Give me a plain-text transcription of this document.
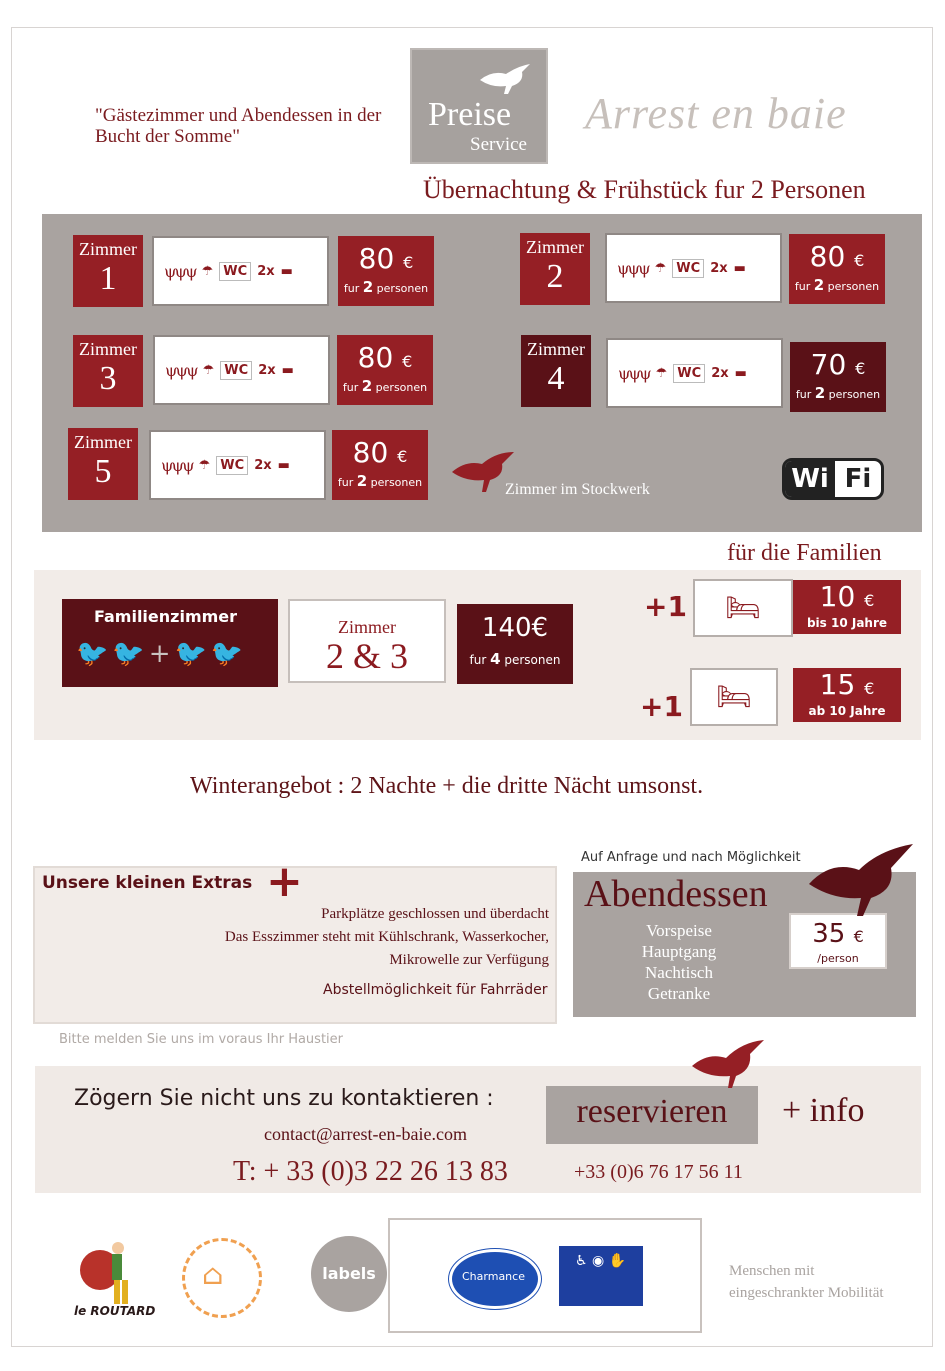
"Gästezimmer und Abendessen in der Bucht der Somme"
Preise
Service
Arrest en baie
Übernachtung & Frühstück fur 2 Personen
Zimmer
1	ψψψ ☂ WC 2x ▬	80 €
fur 2 personen
Zimmer
2	ψψψ ☂ WC 2x ▬	80 €
fur 2 personen
Zimmer
3	ψψψ ☂ WC 2x ▬	80 €
fur 2 personen
Zimmer
4	ψψψ ☂ WC 2x ▬	70 €
fur 2 personen
Zimmer
5	ψψψ ☂ WC 2x ▬	80 €
fur 2 personen	Zimmer im Stockwerk	Wi Fi
für die Familien
Familienzimmer
🐦🐦+🐦🐦
Zimmer
2 & 3
140€
fur 4 personen
+1	🛏	10 €
bis 10 Jahre
+1	🛏	15 €
ab 10 Jahre
Winterangebot : 2 Nachte + die dritte Nächt umsonst.
Unsere kleinen Extras +
Parkplätze geschlossen und überdacht
Das Esszimmer steht mit Kühlschrank, Wasserkocher,
Mikrowelle zur Verfügung
Abstellmöglichkeit für Fahrräder
Bitte melden Sie uns im voraus Ihr Haustier
Auf Anfrage und nach Möglichkeit
Abendessen
Vorspeise
Hauptgang
Nachtisch
Getranke
35 €
/person
Zögern Sie nicht uns zu kontaktieren :
contact@arrest-en-baie.com
T: + 33 (0)3 22 26 13 83
reservieren	+ info
+33 (0)6 76 17 56 11
le ROUTARD
⌂	labels	Charmance
♿ ◉ ✋
Menschen mit
eingeschrankter Mobilität
